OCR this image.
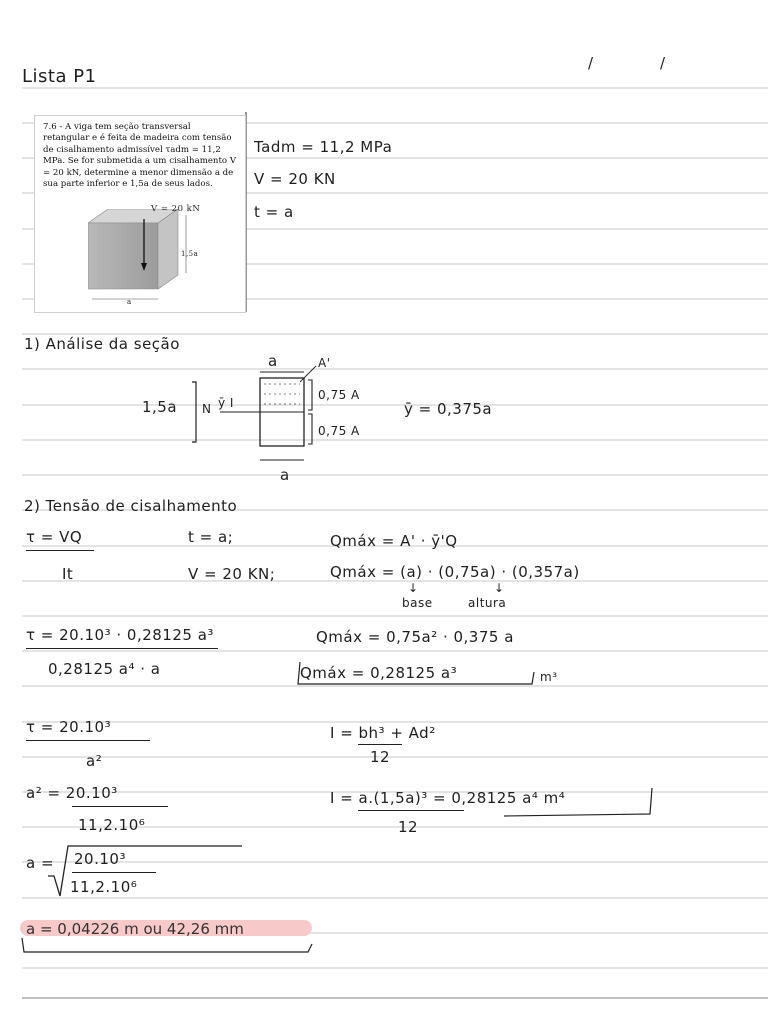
Lista P1
/	/
7.6 - A viga tem seção transversal retangular e é feita de madeira com tensão de cisalhamento admissível τadm = 11,2 MPa. Se for submetida a um cisalhamento V = 20 kN, determine a menor dimensão a de sua parte inferior e 1,5a de seus lados.
V = 20 kN
1,5a
a
Tadm = 11,2 MPa
V = 20 KN
t = a
1) Análise da seção
a	A'
1,5a N ȳ I
0,75 A
0,75 A
a
ȳ = 0,375a
2) Tensão de cisalhamento
τ = VQ
It
t = a;
V = 20 KN;
Qmáx = A' · ȳ'Q
Qmáx = (a) · (0,75a) · (0,357a)
base	altura
↓	↓
τ = 20.10³ · 0,28125 a³
0,28125 a⁴ · a
Qmáx = 0,75a² · 0,375 a
Qmáx = 0,28125 a³	m³
τ = 20.10³
a²
I = bh³ + Ad²
12
I = a.(1,5a)³ = 0,28125 a⁴ m⁴
12
a² = 20.10³
11,2.10⁶
a = 20.10³
11,2.10⁶
a = 0,04226 m ou 42,26 mm
